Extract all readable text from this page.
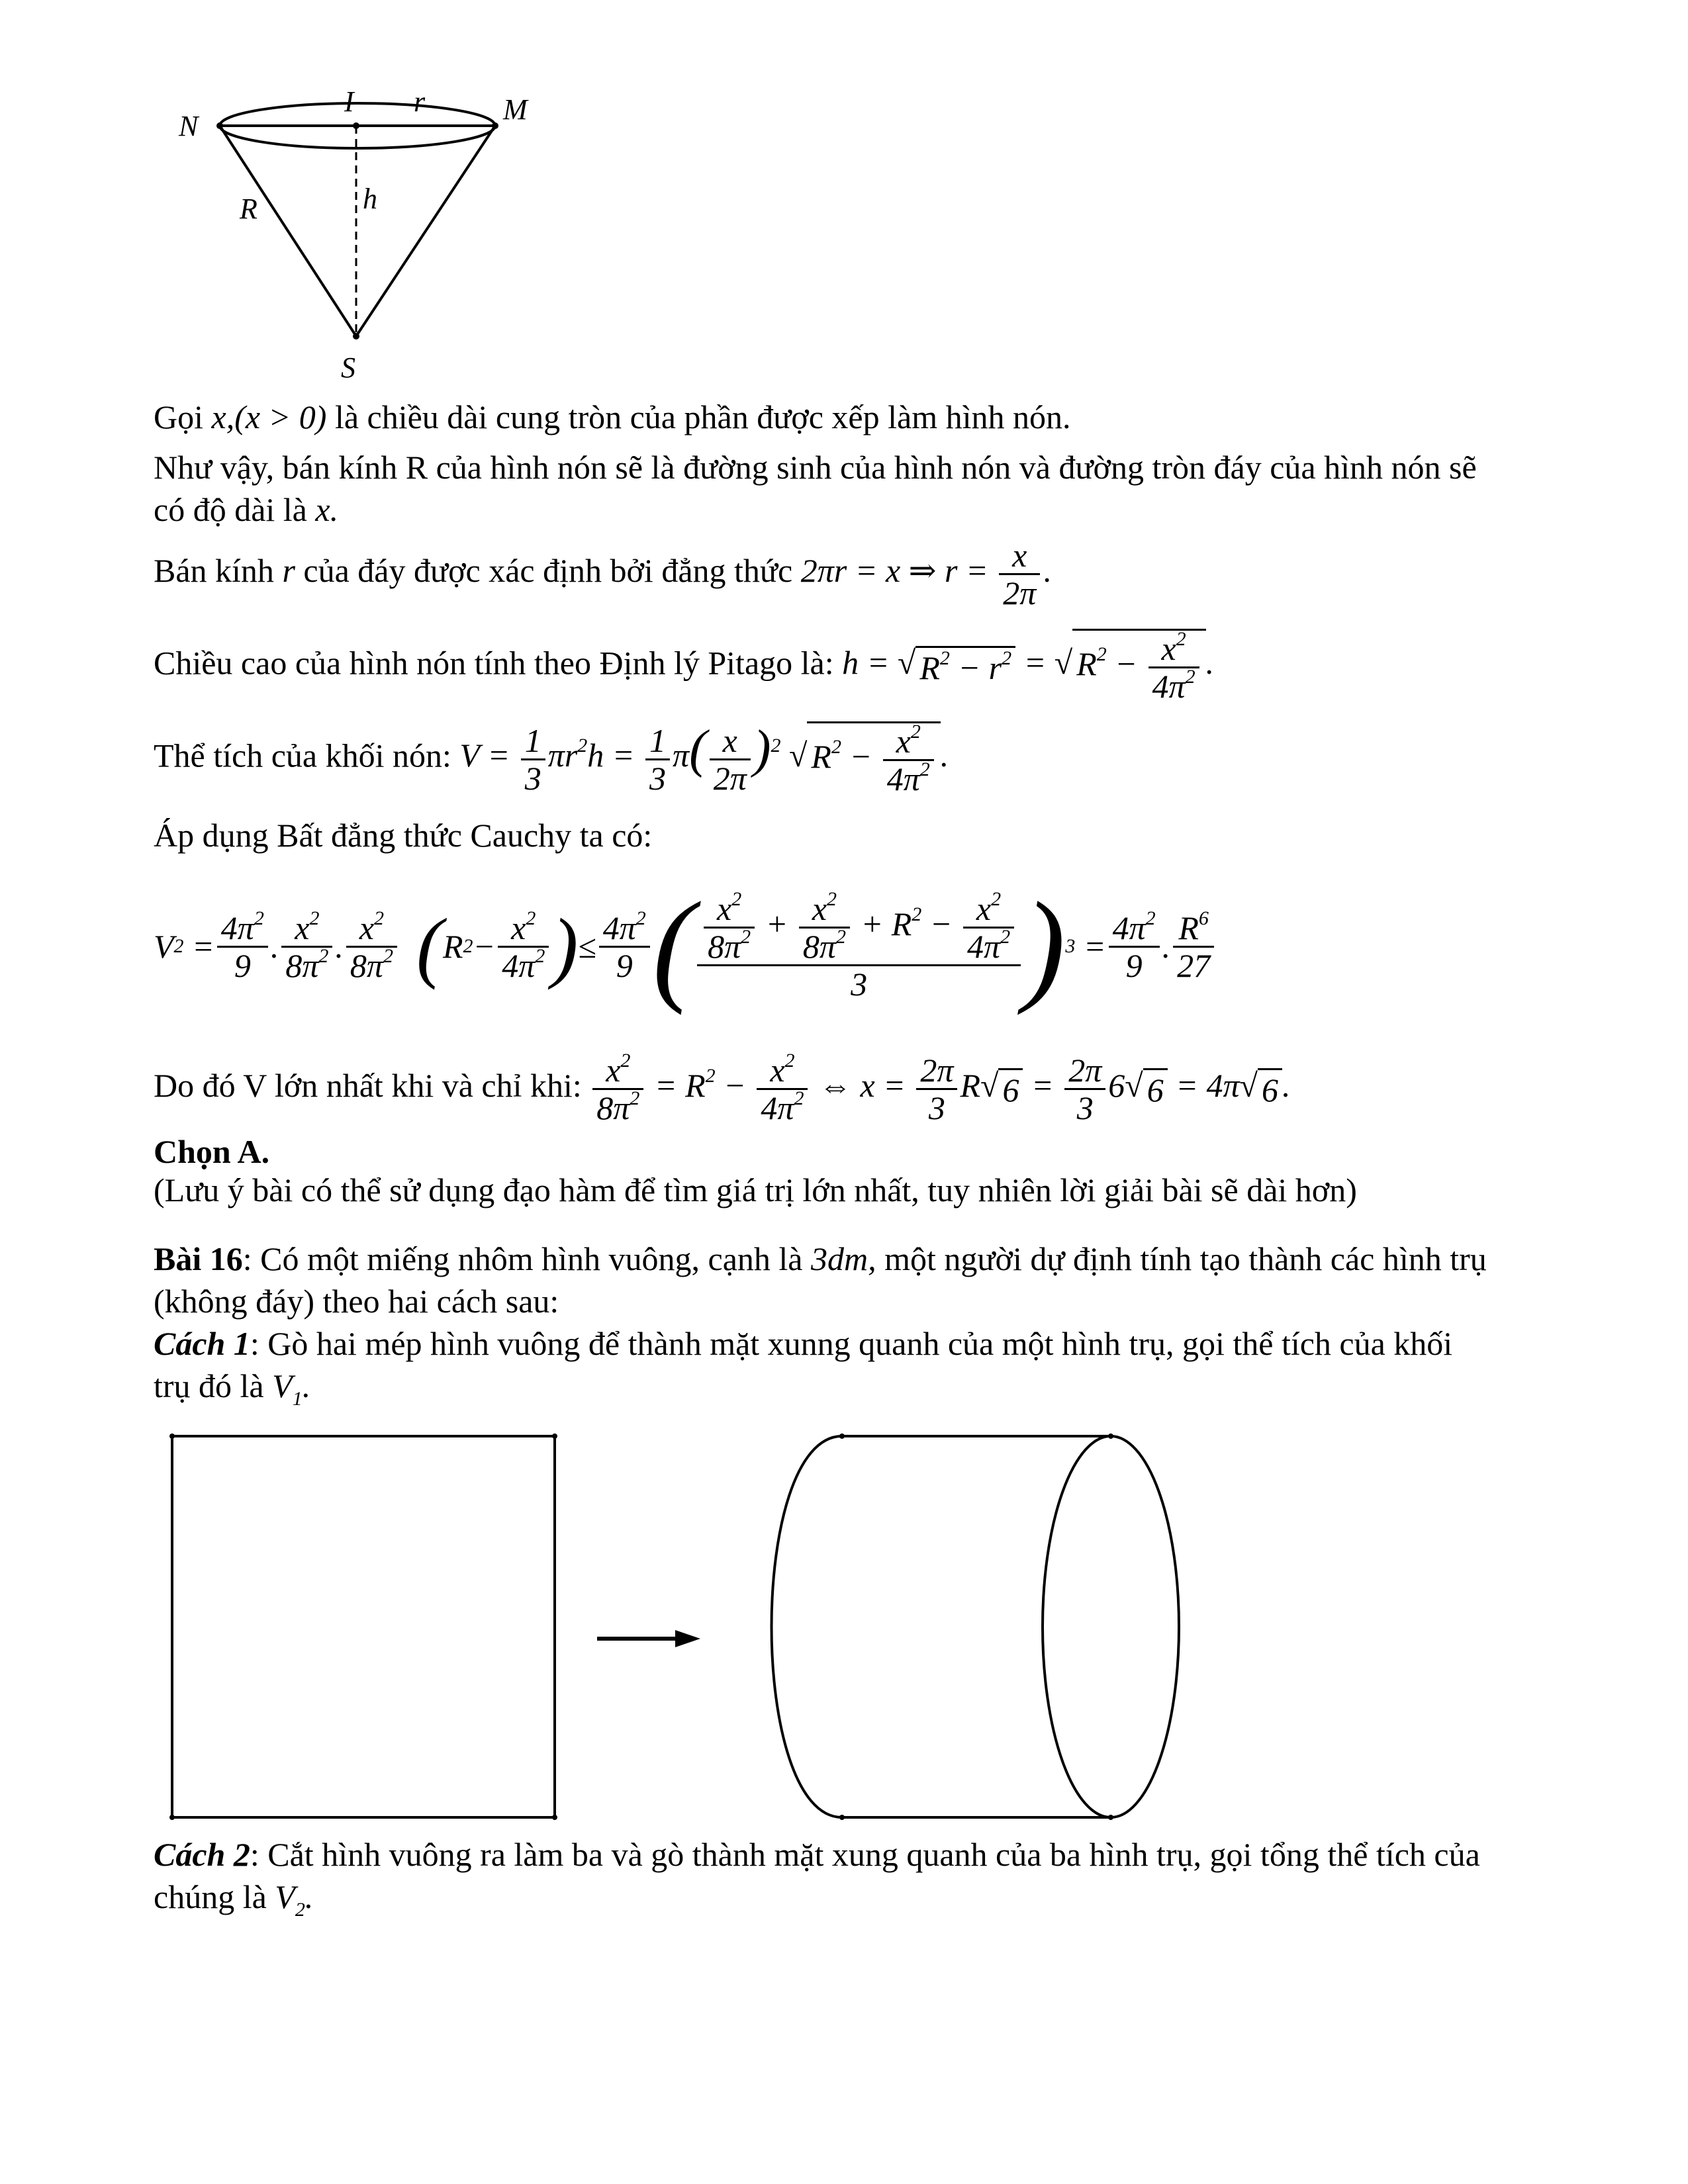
N
I r	M
R	h
S
Gọi x,(x > 0) là chiều dài cung tròn của phần được xếp làm hình nón.
Như vậy, bán kính R của hình nón sẽ là đường sinh của hình nón và đường tròn đáy của hình nón sẽ
có độ dài là x.
Bán kính r của đáy được xác định bởi đẳng thức 2πr = x ⇒ $r = \frac{x}{2\pi}$ .
Chiều cao của hình nón tính theo Định lý Pitago là: h = √ $R^2 - r^2$ = √ $R^2 - \frac{x^2}{4\pi^2}$ .
Thể tích của khối nón: $V = \frac{1}{3} \pi r^2h = \frac{1}{3} \pi( \frac{x}{2\pi} )^2$ √ $R^2 - \frac{x^2}{4\pi^2}$ .
Áp dụng Bất đẳng thức Cauchy ta có:
V $2 = \frac{4\pi^2}{9}$ . $\frac{x^2}{8\pi^2}$ . $\frac{x^2}{8\pi^2}$
( R $2 - \frac{x^2}{4\pi^2}$ ) ≤ $\frac{4\pi^2}{9}$ ( $\frac{\frac{x^2}{8\pi^2} + \frac{x^2}{8\pi^2} + R^2 - \frac{x^2}{4\pi^2}}{3}$ ) $3 = \frac{4\pi^2}{9}$ . $\frac{R^6}{27}$
Do đó V lớn nhất khi và chỉ khi: $\frac{x^2}{8\pi^2} = R^2 - \frac{x^2}{4\pi^2}$ ⇔ $x = \frac{2\pi}{3} R√$ $6 = \frac{2\pi}{3} 6√$ 6 = 4π√ 6 .
Chọn A.
(Lưu ý bài có thể sử dụng đạo hàm để tìm giá trị lớn nhất, tuy nhiên lời giải bài sẽ dài hơn)
Bài 16: Có một miếng nhôm hình vuông, cạnh là 3dm, một người dự định tính tạo thành các hình trụ
(không đáy) theo hai cách sau:
Cách 1: Gò hai mép hình vuông để thành mặt xunng quanh của một hình trụ, gọi thể tích của khối
trụ đó là $V_1$.
Cách 2: Cắt hình vuông ra làm ba và gò thành mặt xung quanh của ba hình trụ, gọi tổng thể tích của
chúng là $V_2$.
